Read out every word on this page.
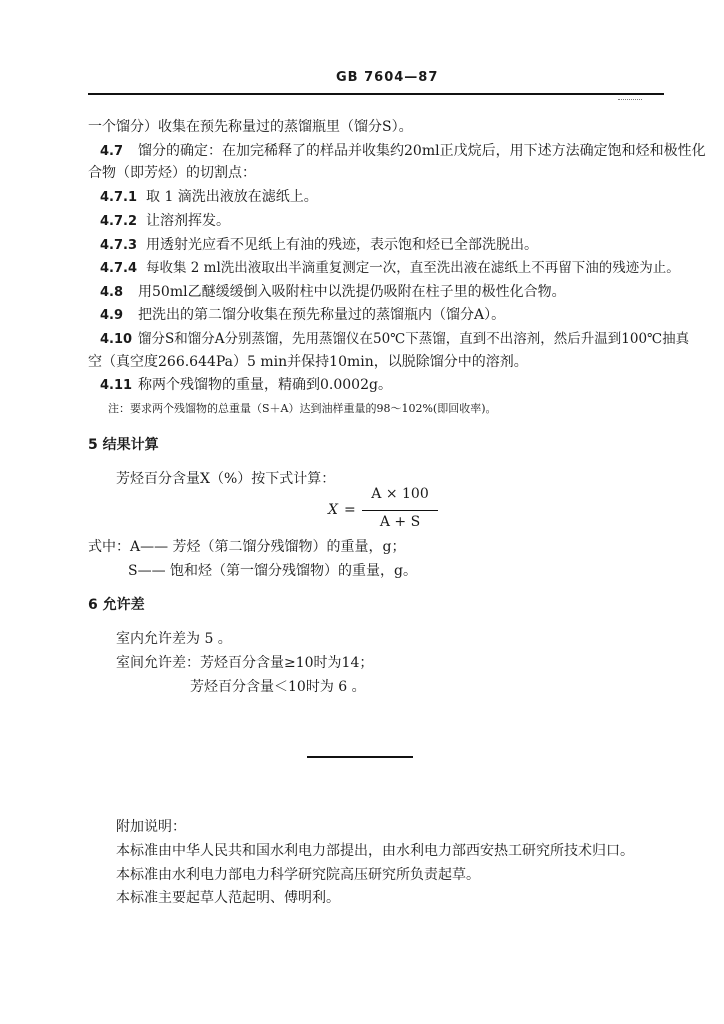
GB 7604—87
一个馏分）收集在预先称量过的蒸馏瓶里（馏分S）。
4.7 馏分的确定：在加完稀释了的样品并收集约20ml正戊烷后，用下述方法确定饱和烃和极性化
合物（即芳烃）的切割点：
4.7.1 取 1 滴洗出液放在滤纸上。
4.7.2 让溶剂挥发。
4.7.3 用透射光应看不见纸上有油的残迹，表示饱和烃已全部洗脱出。
4.7.4 每收集 2 ml洗出液取出半滴重复测定一次，直至洗出液在滤纸上不再留下油的残迹为止。
4.8 用50ml乙醚缓缓倒入吸附柱中以洗提仍吸附在柱子里的极性化合物。
4.9 把洗出的第二馏分收集在预先称量过的蒸馏瓶内（馏分A）。
4.10 馏分S和馏分A分别蒸馏，先用蒸馏仪在50℃下蒸馏，直到不出溶剂，然后升温到100℃抽真
空（真空度266.644Pa）5 min并保持10min，以脱除馏分中的溶剂。
4.11 称两个残馏物的重量，精确到0.0002g。
注：要求两个残馏物的总重量（S＋A）达到油样重量的98～102%(即回收率)。
5 结果计算
芳烃百分含量X（%）按下式计算：
X =
A × 100
A + S
式中：A—— 芳烃（第二馏分残馏物）的重量，g；
S—— 饱和烃（第一馏分残馏物）的重量，g。
6 允许差
室内允许差为 5 。
室间允许差：芳烃百分含量≥10时为14；
芳烃百分含量＜10时为 6 。
附加说明：
本标准由中华人民共和国水利电力部提出，由水利电力部西安热工研究所技术归口。
本标准由水利电力部电力科学研究院高压研究所负责起草。
本标准主要起草人范起明、傅明利。
